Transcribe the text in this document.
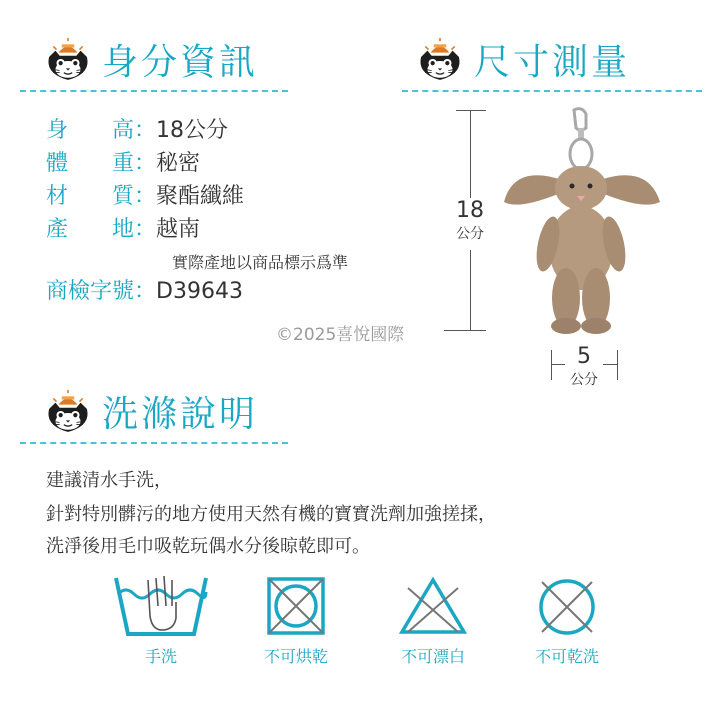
身分資訊
身　　高：18公分
體　　重：秘密
材　　質：聚酯纖維
產　　地：越南
實際產地以商品標示爲準
商檢字號：D39643
尺寸測量
18
公分
©2025喜悅國際
5
公分
洗滌說明
建議清水手洗，
針對特別髒污的地方使用天然有機的寶寶洗劑加強搓揉，
洗淨後用毛巾吸乾玩偶水分後晾乾即可。
手洗	不可烘乾	不可漂白	不可乾洗
